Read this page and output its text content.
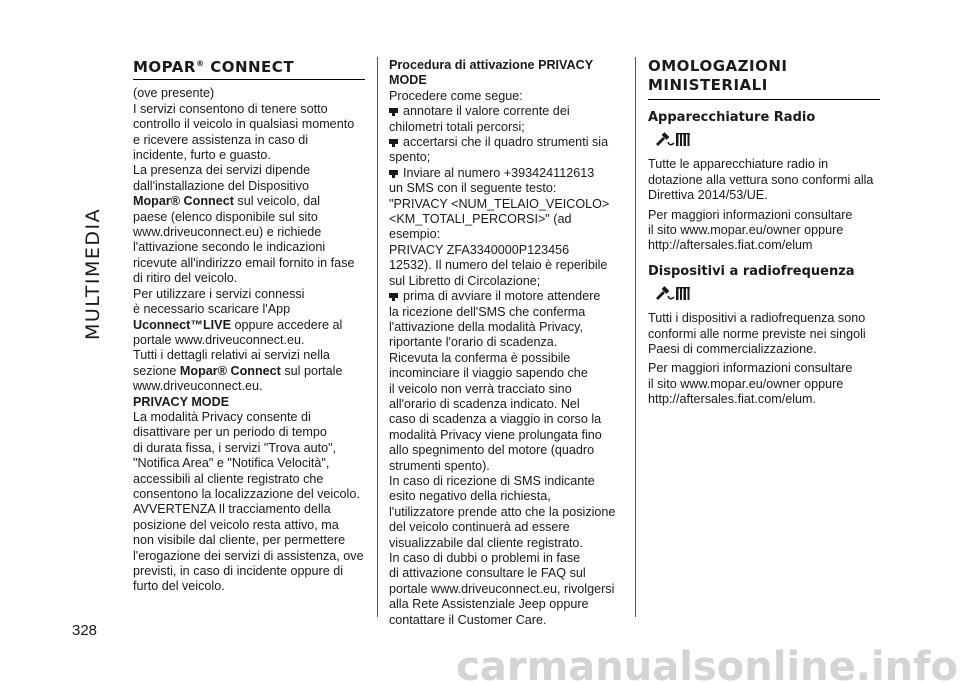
MULTIMEDIA
328
MOPAR® CONNECT

(ove presente)

I servizi consentono di tenere sotto

controllo il veicolo in qualsiasi momento

e ricevere assistenza in caso di

incidente, furto e guasto.

La presenza dei servizi dipende

dall'installazione del Dispositivo

Mopar® Connect sul veicolo, dal

paese (elenco disponibile sul sito

www.driveuconnect.eu) e richiede

l'attivazione secondo le indicazioni

ricevute all'indirizzo email fornito in fase

di ritiro del veicolo.

Per utilizzare i servizi connessi

è necessario scaricare l'App

Uconnect™LIVE oppure accedere al

portale www.driveuconnect.eu.

Tutti i dettagli relativi ai servizi nella

sezione Mopar® Connect sul portale

www.driveuconnect.eu.

PRIVACY MODE

La modalità Privacy consente di

disattivare per un periodo di tempo

di durata fissa, i servizi "Trova auto",

"Notifica Area" e "Notifica Velocità",

accessibili al cliente registrato che

consentono la localizzazione del veicolo.

AVVERTENZA Il tracciamento della

posizione del veicolo resta attivo, ma

non visibile dal cliente, per permettere

l'erogazione dei servizi di assistenza, ove

previsti, in caso di incidente oppure di

furto del veicolo.

Procedura di attivazione PRIVACY MODE

Procedere come segue:

annotare il valore corrente dei

chilometri totali percorsi;

accertarsi che il quadro strumenti sia

spento;

Inviare al numero +393424112613

un SMS con il seguente testo:

"PRIVACY <NUM_TELAIO_VEICOLO>

<KM_TOTALI_PERCORSI>" (ad esempio:

PRIVACY ZFA3340000P123456

12532). Il numero del telaio è reperibile

sul Libretto di Circolazione;

prima di avviare il motore attendere

la ricezione dell'SMS che conferma

l'attivazione della modalità Privacy,

riportante l'orario di scadenza.

Ricevuta la conferma è possibile

incominciare il viaggio sapendo che

il veicolo non verrà tracciato sino

all'orario di scadenza indicato. Nel

caso di scadenza a viaggio in corso la

modalità Privacy viene prolungata fino

allo spegnimento del motore (quadro

strumenti spento).

In caso di ricezione di SMS indicante

esito negativo della richiesta,

l'utilizzatore prende atto che la posizione

del veicolo continuerà ad essere

visualizzabile dal cliente registrato.

In caso di dubbi o problemi in fase

di attivazione consultare le FAQ sul

portale www.driveuconnect.eu, rivolgersi

alla Rete Assistenziale Jeep oppure

contattare il Customer Care.

OMOLOGAZIONI
MINISTERIALI
Apparecchiature Radio

Tutte le apparecchiature radio in

dotazione alla vettura sono conformi alla

Direttiva 2014/53/UE.

Per maggiori informazioni consultare

il sito www.mopar.eu/owner oppure

http://aftersales.fiat.com/elum

Dispositivi a radiofrequenza

Tutti i dispositivi a radiofrequenza sono

conformi alle norme previste nei singoli

Paesi di commercializzazione.

Per maggiori informazioni consultare

il sito www.mopar.eu/owner oppure

http://aftersales.fiat.com/elum.

carmanualsonline.info
